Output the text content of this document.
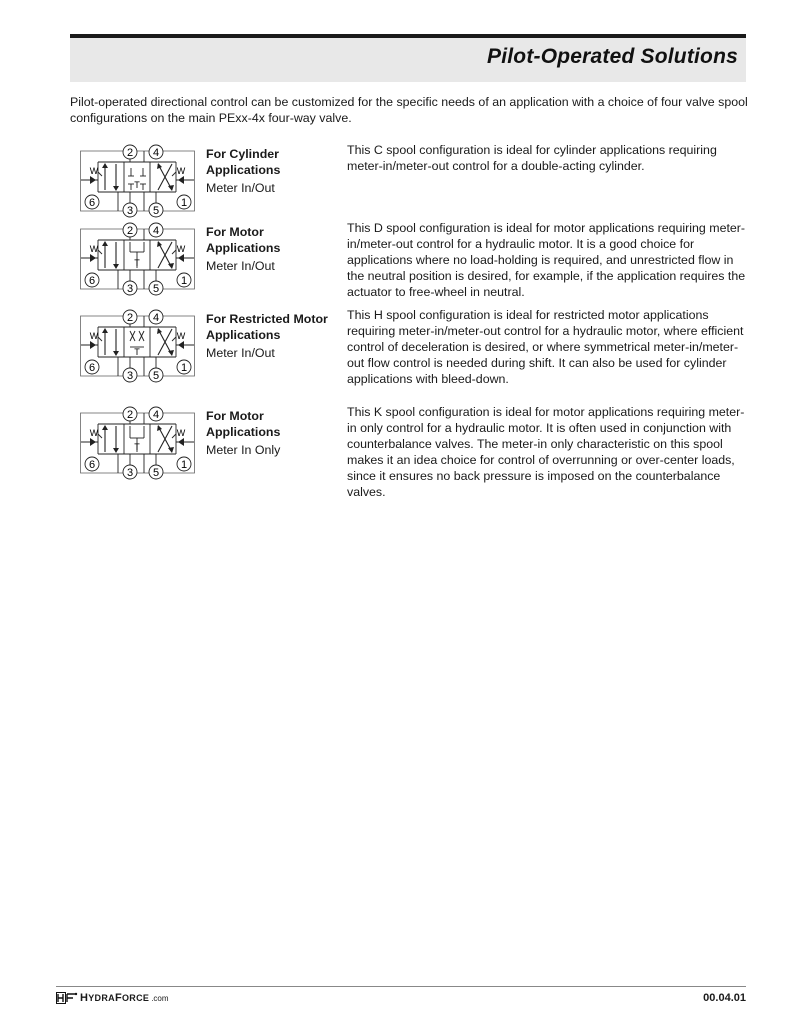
Pilot-Operated Solutions
Pilot-operated directional control can be customized for the specific needs of an application with a choice of four valve spool configurations on the main PExx-4x four-way valve.
W	W
T
2 4
6
3 5
1
For Cylinder
Applications
Meter In/Out
This C spool configuration is ideal for cylinder applications requiring meter-in/meter-out control for a double-acting cylinder.
W	W
T
2 4
6
3 5
1
For Motor
Applications
Meter In/Out
This D spool configuration is ideal for motor applications requiring meter-in/meter-out control for a hydraulic motor. It is a good choice for applications where no load-holding is required, and unrestricted flow in the neutral position is desired, for example, if the application requires the actuator to free-wheel in neutral.
W	W
T
2 4
6
3 5
1
For Restricted Motor
Applications
Meter In/Out
This H spool configuration is ideal for restricted motor applications requiring meter-in/meter-out control for a hydraulic motor, where efficient control of deceleration is desired, or where symmetrical meter-in/meter-out flow control is needed during shift. It can also be used for cylinder applications with bleed-down.
W	W
T
2 4
6
3 5
1
For Motor
Applications
Meter In Only
This K spool configuration is ideal for motor applications requiring meter-in only control for a hydraulic motor. It is often used in conjunction with counterbalance valves. The meter-in only characteristic on this spool makes it an idea choice for control of overrunning or over-center loads, since it ensures no back pressure is imposed on the counterbalance valves.
HYDRAFORCE .com	00.04.01
